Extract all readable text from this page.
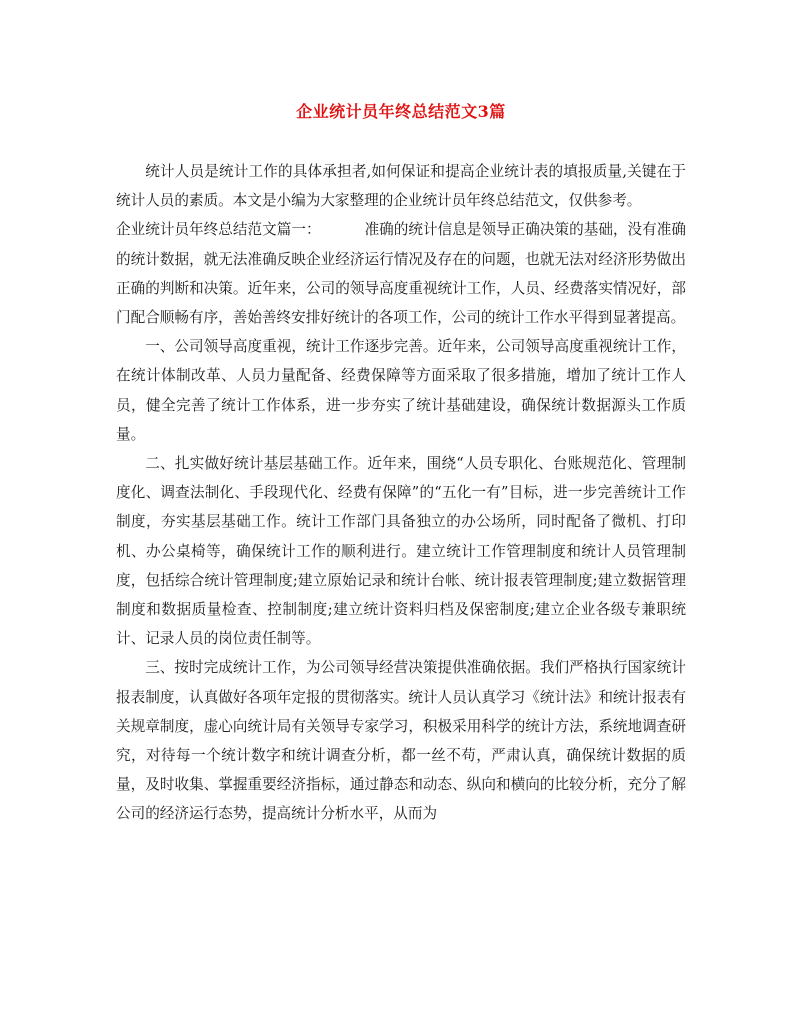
企业统计员年终总结范文3篇

统计人员是统计工作的具体承担者,如何保证和提高企业统计表的填报质量,关键在于统计人员的素质。本文是小编为大家整理的企业统计员年终总结范文，仅供参考。

企业统计员年终总结范文篇一：	准确的统计信息是领导正确决策的基础，没有准确的统计数据，就无法准确反映企业经济运行情况及存在的问题，也就无法对经济形势做出正确的判断和决策。近年来，公司的领导高度重视统计工作，人员、经费落实情况好，部门配合顺畅有序，善始善终安排好统计的各项工作，公司的统计工作水平得到显著提高。

一、公司领导高度重视，统计工作逐步完善。近年来，公司领导高度重视统计工作，在统计体制改革、人员力量配备、经费保障等方面采取了很多措施，增加了统计工作人员，健全完善了统计工作体系，进一步夯实了统计基础建设，确保统计数据源头工作质量。

二、扎实做好统计基层基础工作。近年来，围绕“人员专职化、台账规范化、管理制度化、调查法制化、手段现代化、经费有保障”的“五化一有”目标，进一步完善统计工作制度，夯实基层基础工作。统计工作部门具备独立的办公场所，同时配备了微机、打印机、办公桌椅等，确保统计工作的顺利进行。建立统计工作管理制度和统计人员管理制度，包括综合统计管理制度;建立原始记录和统计台帐、统计报表管理制度;建立数据管理制度和数据质量检查、控制制度;建立统计资料归档及保密制度;建立企业各级专兼职统计、记录人员的岗位责任制等。

三、按时完成统计工作，为公司领导经营决策提供准确依据。我们严格执行国家统计报表制度，认真做好各项年定报的贯彻落实。统计人员认真学习《统计法》和统计报表有关规章制度，虚心向统计局有关领导专家学习，积极采用科学的统计方法，系统地调查研究，对待每一个统计数字和统计调查分析，都一丝不苟，严肃认真，确保统计数据的质量，及时收集、掌握重要经济指标，通过静态和动态、纵向和横向的比较分析，充分了解公司的经济运行态势，提高统计分析水平，从而为
